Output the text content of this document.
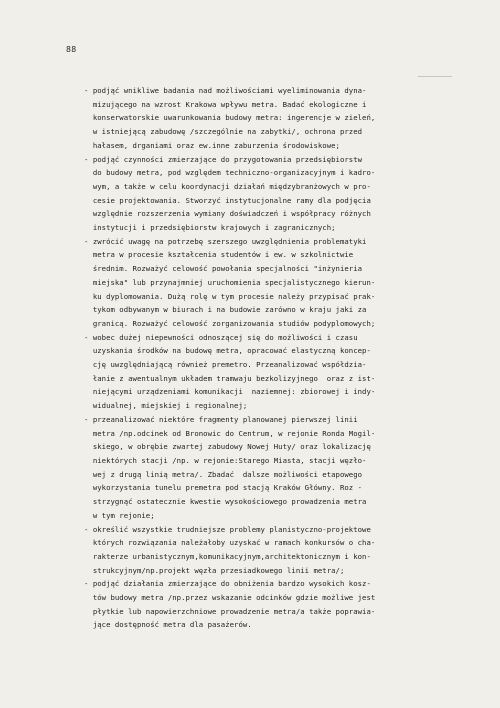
88
- podjąć wnikliwe badania nad możliwościami wyeliminowania dyna-
mizującego na wzrost Krakowa wpływu metra. Badać ekologiczne i
konserwatorskie uwarunkowania budowy metra: ingerencje w zieleń,
w istniejącą zabudowę /szczególnie na zabytki/, ochrona przed
hałasem, drganiami oraz ew.inne zaburzenia środowiskowe;
- podjąć czynności zmierzające do przygotowania przedsiębiorstw
do budowy metra, pod względem techniczno-organizacyjnym i kadro-
wym, a także w celu koordynacji działań międzybranżowych w pro-
cesie projektowania. Stworzyć instytucjonalne ramy dla podjęcia
względnie rozszerzenia wymiany doświadczeń i współpracy różnych
instytucji i przedsiębiorstw krajowych i zagranicznych;
- zwrócić uwagę na potrzebę szerszego uwzględnienia problematyki
metra w procesie kształcenia studentów i ew. w szkolnictwie
średnim. Rozważyć celowość powołania specjalności "inżynieria
miejska" lub przynajmniej uruchomienia specjalistycznego kierun-
ku dyplomowania. Dużą rolę w tym procesie należy przypisać prak-
tykom odbywanym w biurach i na budowie zarówno w kraju jaki za
granicą. Rozważyć celowość zorganizowania studiów podyplomowych;
- wobec dużej niepewności odnoszącej się do możliwości i czasu
uzyskania środków na budowę metra, opracować elastyczną koncep-
cję uwzględniającą również premetro. Przeanalizować współdzia-
łanie z awentualnym układem tramwaju bezkolizyjnego  oraz z ist-
niejącymi urządzeniami komunikacji  naziemnej: zbiorowej i indy-
widualnej, miejskiej i regionalnej;
- przeanalizować niektóre fragmenty planowanej pierwszej linii
metra /np.odcinek od Bronowic do Centrum, w rejonie Ronda Mogil-
skiego, w obrębie zwartej zabudowy Nowej Huty/ oraz lokalizację
niektórych stacji /np. w rejonie:Starego Miasta, stacji węzło-
wej z drugą linią metra/. Zbadać  dalsze możliwości etapowego
wykorzystania tunelu premetra pod stacją Kraków Główny. Roz -
strzygnąć ostatecznie kwestie wysokościowego prowadzenia metra
w tym rejonie;
- określić wszystkie trudniejsze problemy planistyczno-projektowe
których rozwiązania należałoby uzyskać w ramach konkursów o cha-
rakterze urbanistycznym,komunikacyjnym,architektonicznym i kon-
strukcyjnym/np.projekt węzła przesiadkowego linii metra/;
- podjąć działania zmierzające do obniżenia bardzo wysokich kosz-
tów budowy metra /np.przez wskazanie odcinków gdzie możliwe jest
płytkie lub napowierzchniowe prowadzenie metra/a także poprawia-
jące dostępność metra dla pasażerów.
